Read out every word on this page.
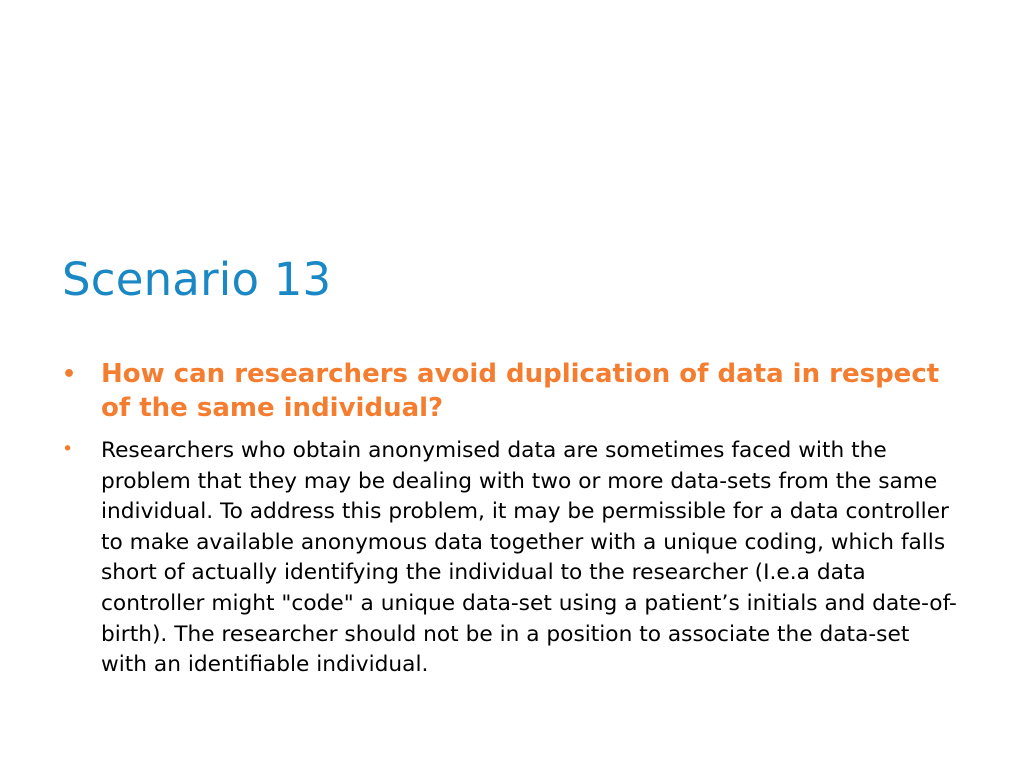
Scenario 13
• How can researchers avoid duplication of data in respect of the same individual?
•	Researchers who obtain anonymised data are sometimes faced with the problem that they may be dealing with two or more data-sets from the same individual. To address this problem, it may be permissible for a data controller to make available anonymous data together with a unique coding, which falls short of actually identifying the individual to the researcher (I.e.a data controller might "code" a unique data-set using a patient’s initials and date-of-birth). The researcher should not be in a position to associate the data-set with an identifiable individual.
